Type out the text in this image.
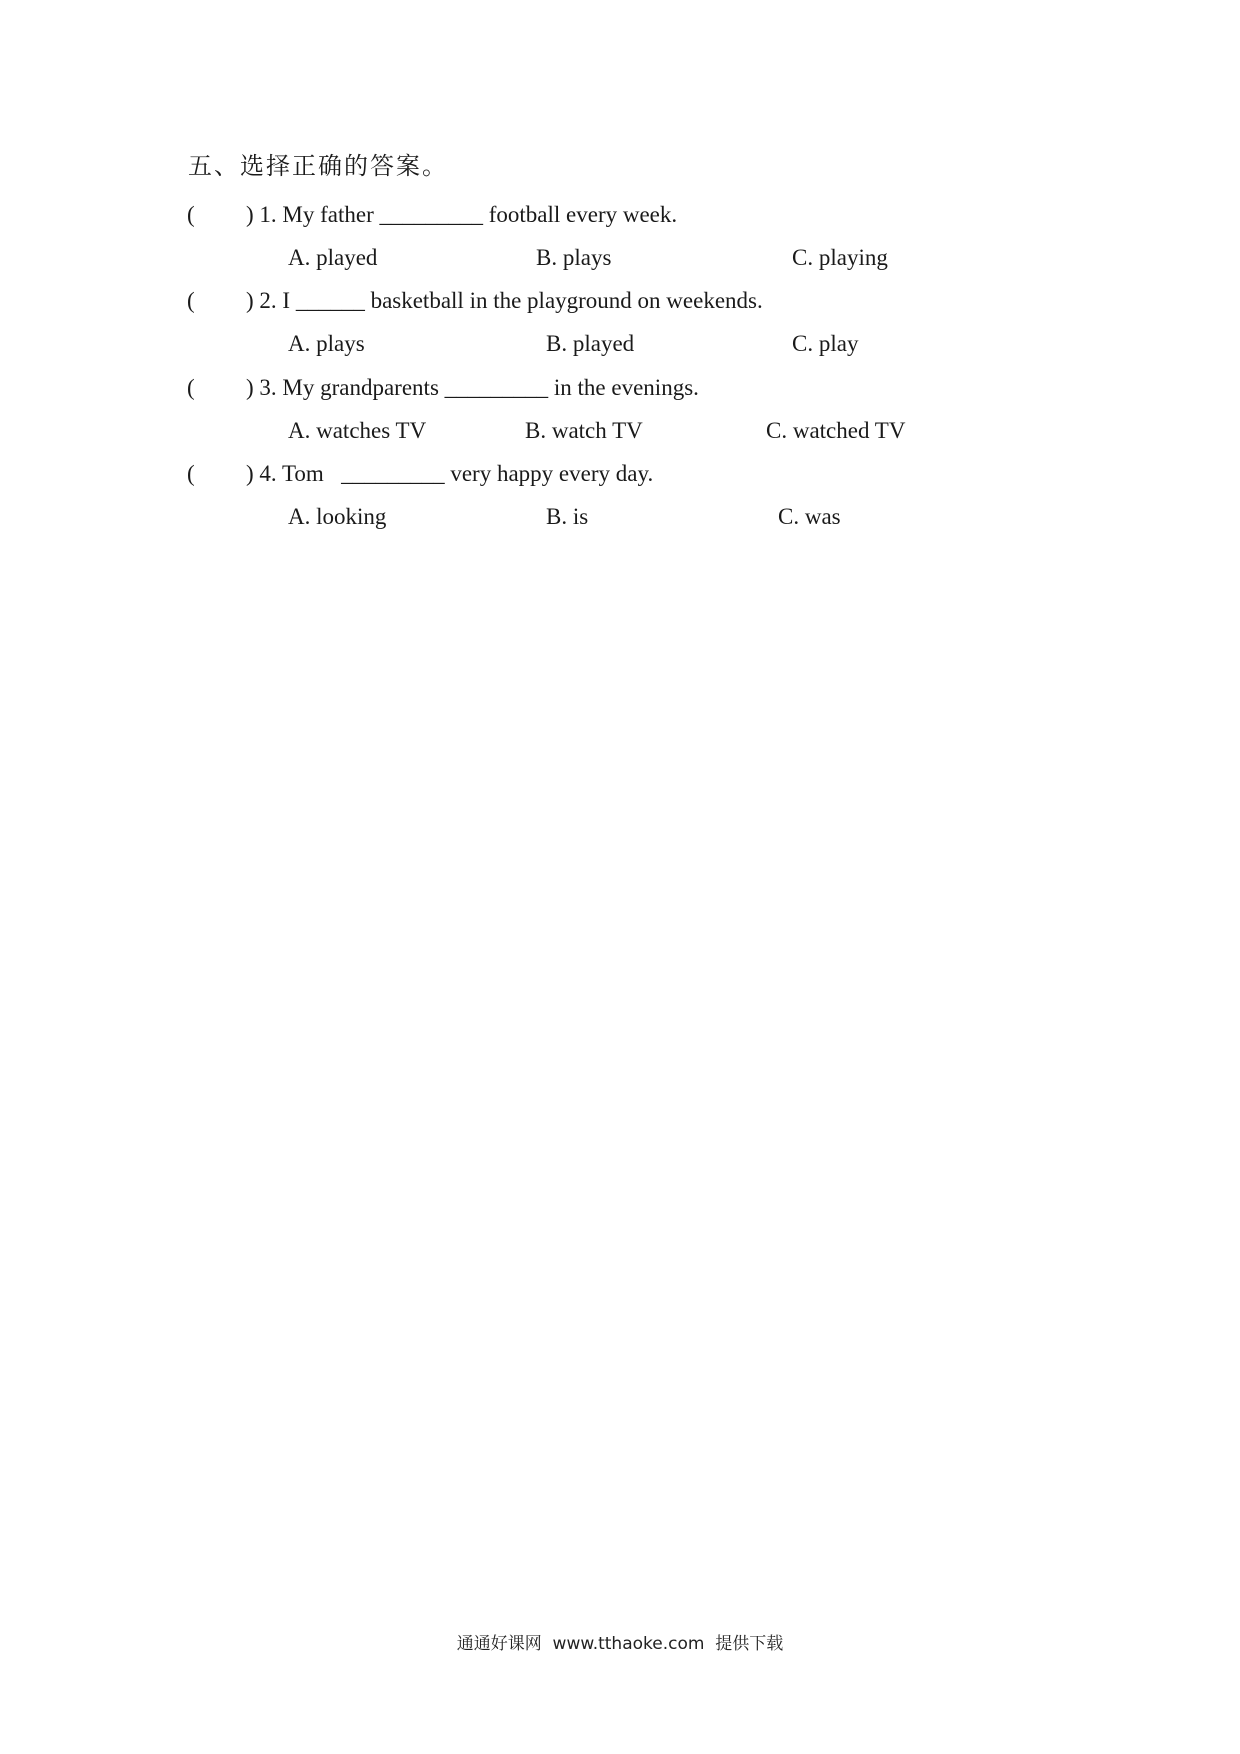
五、选择正确的答案。
( ) 1. My father _________ football every week.
A. played	B. plays	C. playing
( ) 2. I ______ basketball in the playground on weekends.
A. plays	B. played	C. play
( ) 3. My grandparents _________ in the evenings.
A. watches TV	B. watch TV	C. watched TV
( ) 4. Tom   _________ very happy every day.
A. looking	B. is	C. was
通通好课网  www.tthaoke.com  提供下载
